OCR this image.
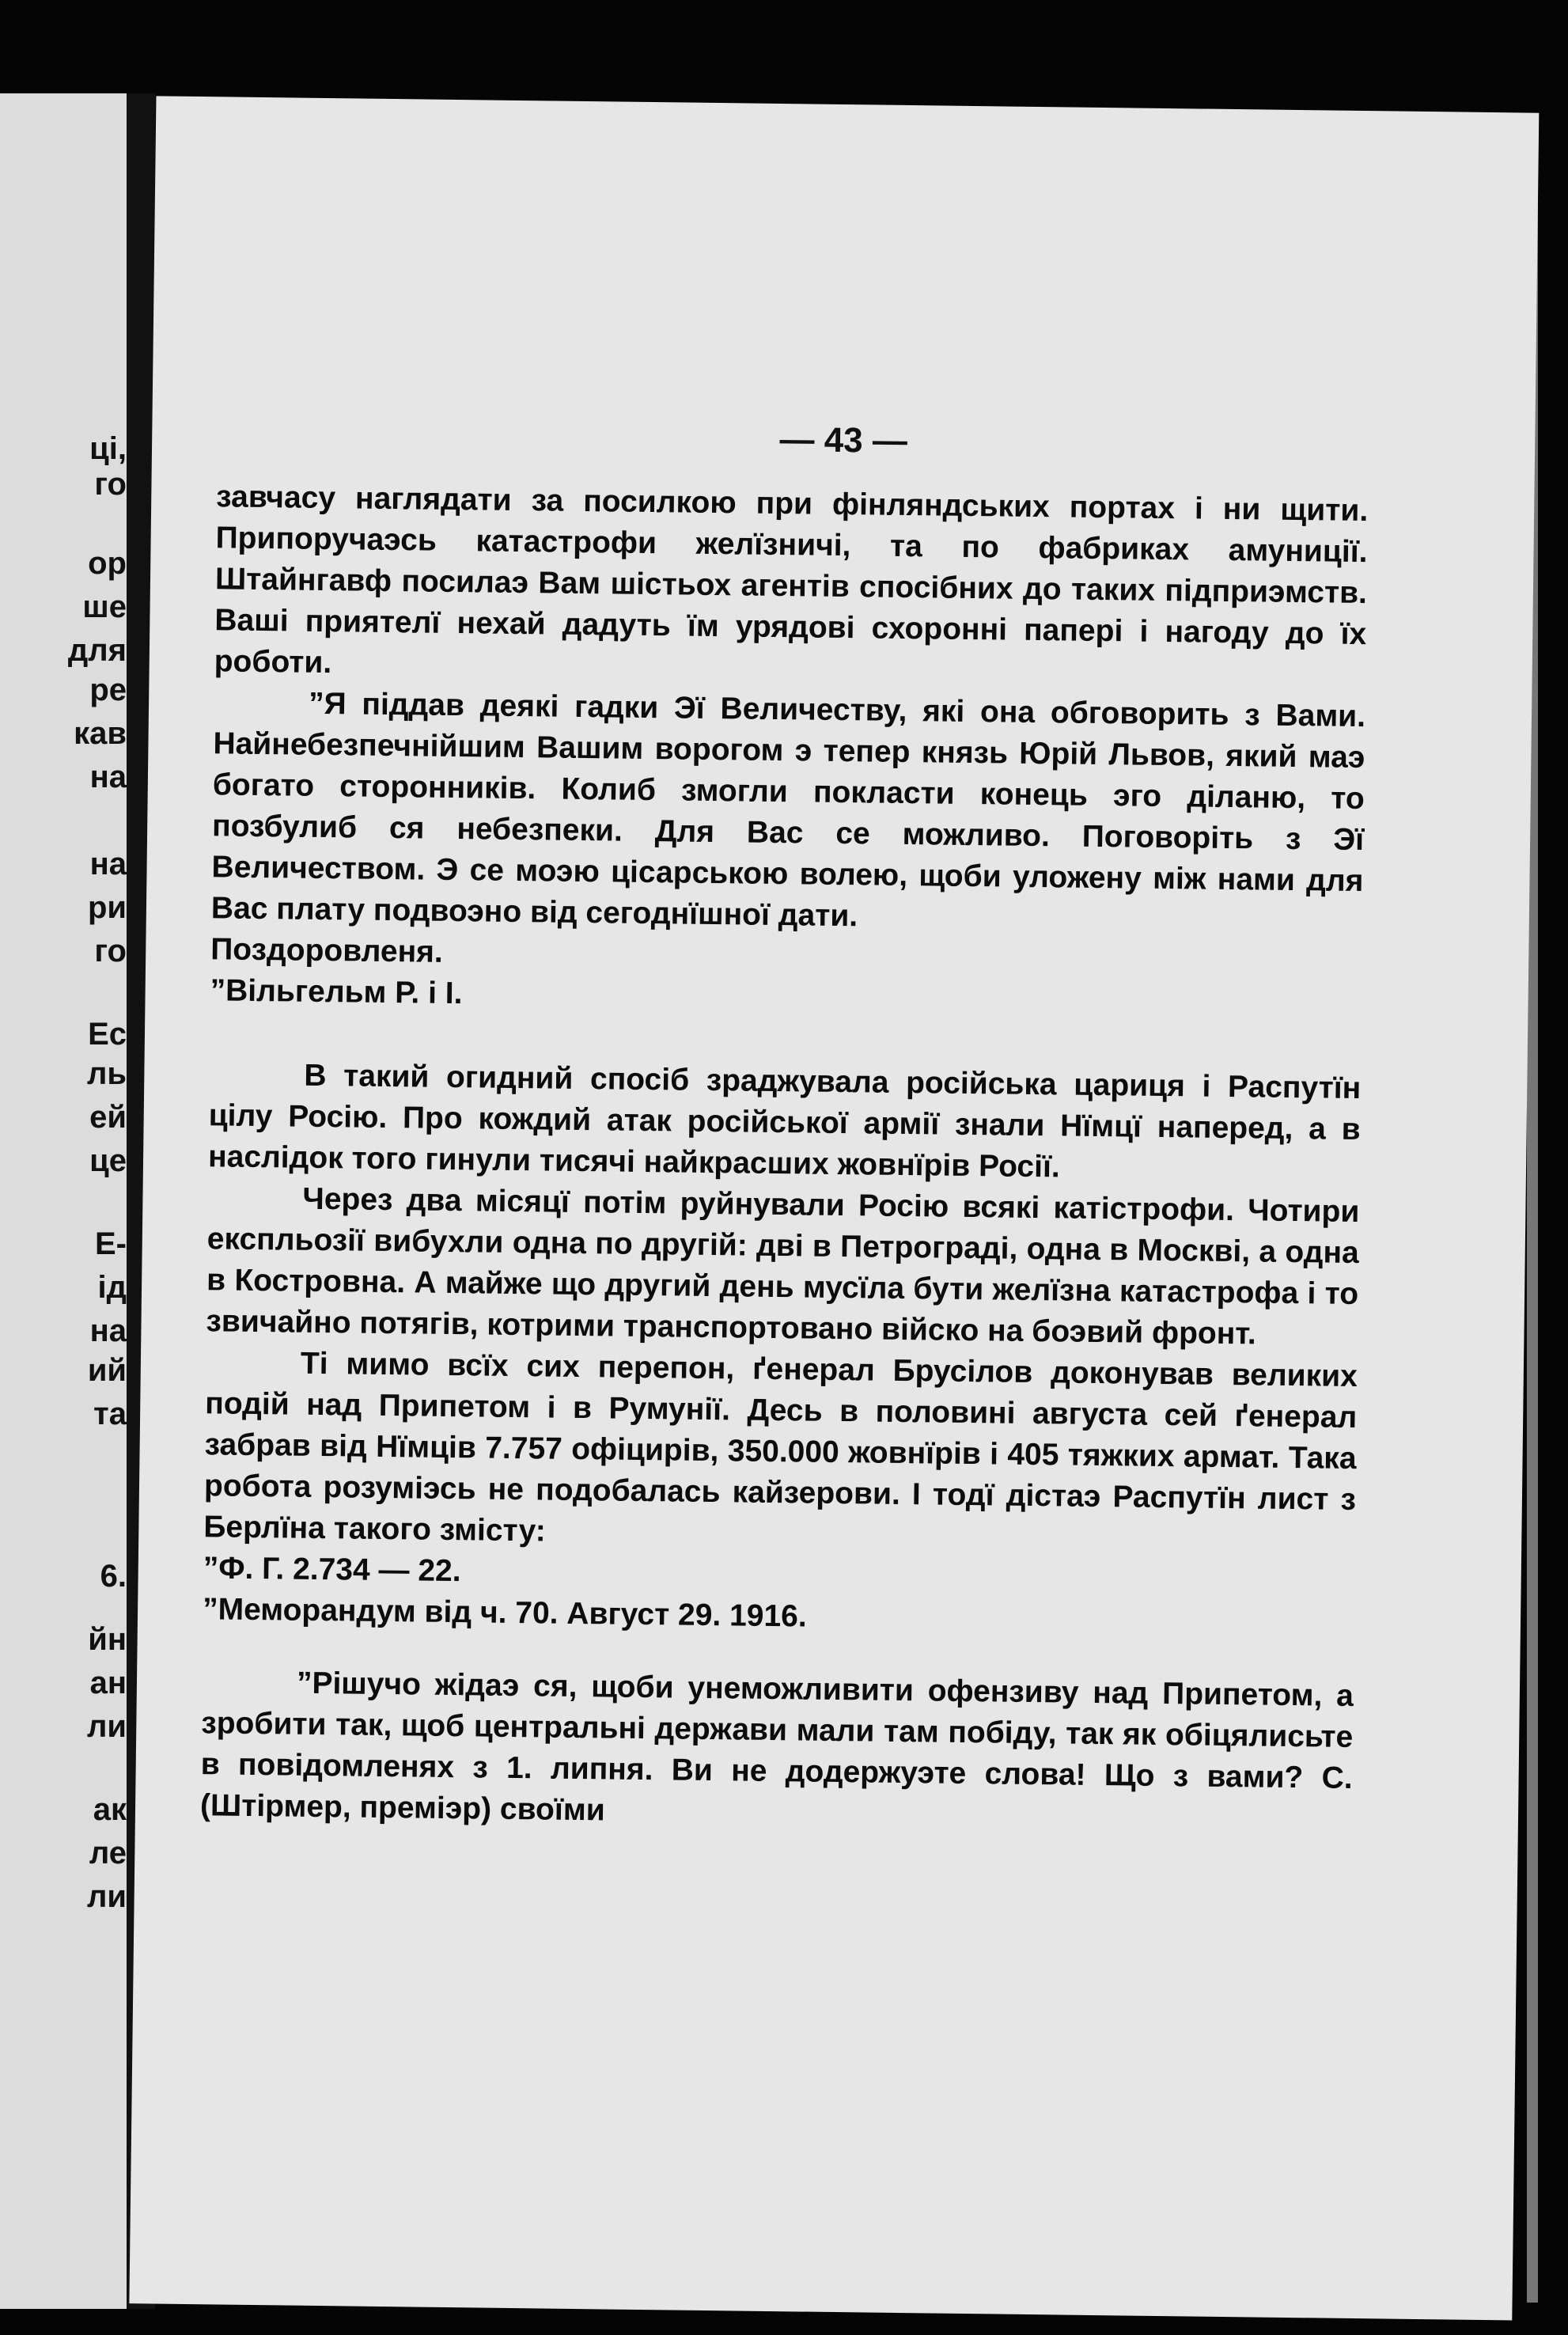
ці,
го
ор
ше
для
ре
кав
на
на
ри
го
Ес
ль
ей
це
Е-
ід
на
ий
та
6.
йн
ан
ли
ак
ле
ли
— 43 —

завчасу наглядати за посилкою при фінляндських портах і ни щити. Припоручаэсь катастрофи желїзничі, та по фабриках амуниції. Штайнгавф посилаэ Вам шістьох агентів спосібних до таких підприэмств. Ваші приятелї нехай дадуть їм урядові схоронні папері і нагоду до їх роботи.

”Я піддав деякі гадки Эї Величеству, які она обговорить з Вами. Найнебезпечнійшим Вашим ворогом э тепер князь Юрій Львов, який маэ богато сторонників. Колиб змогли покласти конець эго діланю, то позбулиб ся небезпеки. Для Вас се можливо. Поговоріть з Эї Величеством. Э се моэю цісарською волею, щоби уложену між нами для Вас плату подвоэно від сегоднїшної дати.

Поздоровленя.

”Вільгельм Р. і І.

В такий огидний спосіб зраджувала російська цариця і Распутїн цілу Росію. Про кождий атак російської армії знали Нїмцї наперед, а в наслідок того гинули тисячі найкрасших жовнїрів Росії.

Через два місяцї потім руйнували Росію всякі катістрофи. Чотири експльозії вибухли одна по другій: дві в Петрограді, одна в Москві, а одна в Костровна. А майже що другий день мусїла бути желїзна катастрофа і то звичайно потягів, котрими транспортовано війско на боэвий фронт.

Ті мимо всїх сих перепон, ґенерал Брусілов доконував великих подій над Припетом і в Румунії. Десь в половині августа сей ґенерал забрав від Нїмців 7.757 офіцирів, 350.000 жовнїрів і 405 тяжких армат. Така робота розуміэсь не подобалась кайзерови. І тодї дістаэ Распутїн лист з Берлїна такого змісту:

”Ф. Г. 2.734 — 22.

”Меморандум від ч. 70. Август 29. 1916.

”Рішучо жідаэ ся, щоби унеможливити офензиву над Припетом, а зробити так, щоб центральні держави мали там побіду, так як обіцялисьте в повідомленях з 1. липня. Ви не додержуэте слова! Що з вами? С. (Штірмер, преміэр) своїми
